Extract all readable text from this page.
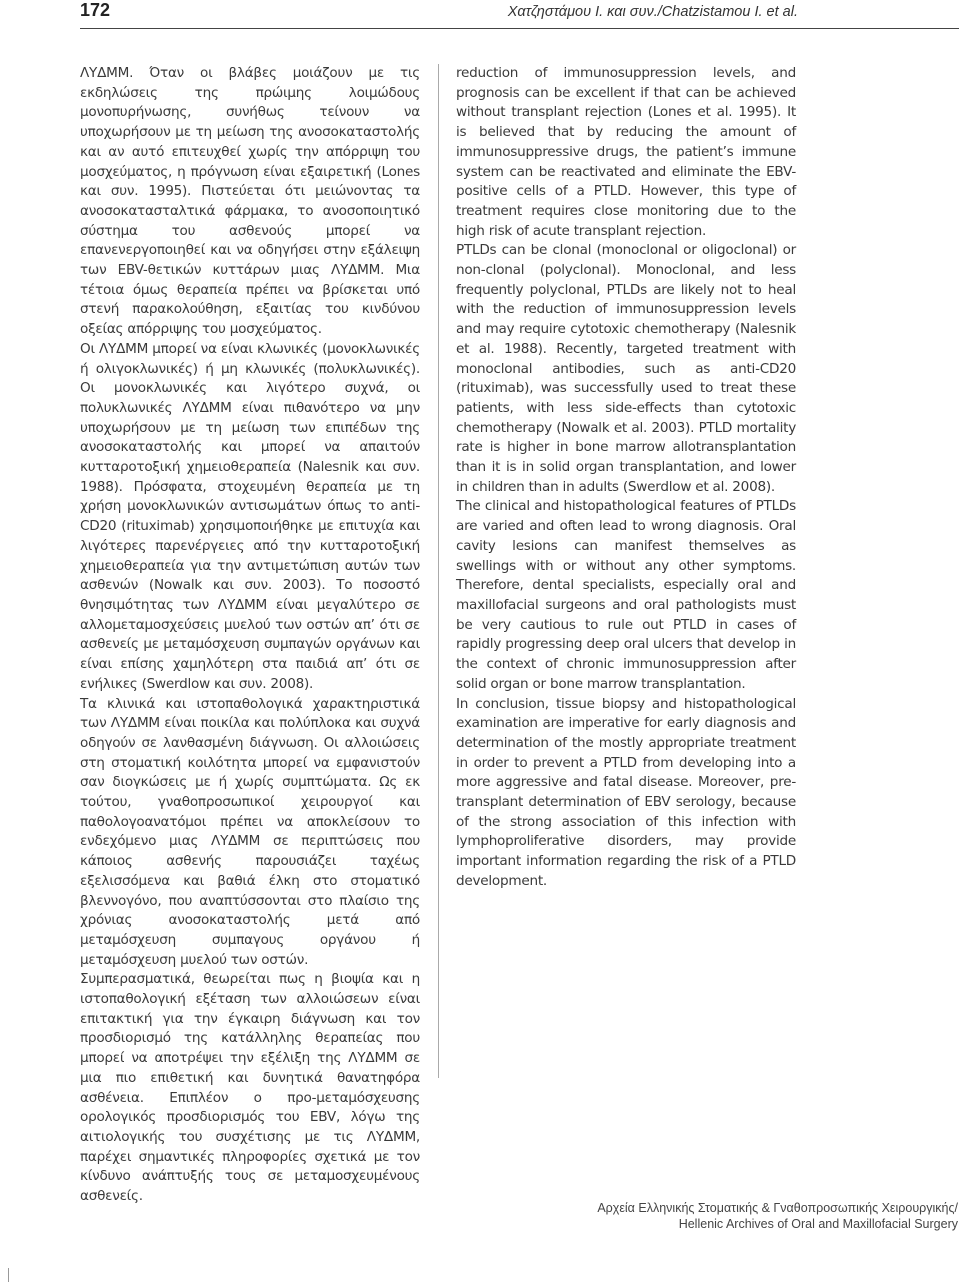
172	Χατζηστάμου Ι. και συν./Chatzistamou I. et al.

ΛΥΔΜΜ. Όταν οι βλάβες μοιάζουν με τις εκδηλώσεις της πρώιμης λοιμώδους μονοπυρήνωσης, συνήθως τείνουν να υποχωρήσουν με τη μείωση της ανοσοκαταστολής και αν αυτό επιτευχθεί χωρίς την απόρριψη του μοσχεύματος, η πρόγνωση είναι εξαιρετική (Lones και συν. 1995). Πιστεύεται ότι μειώνοντας τα ανοσοκατασταλτικά φάρμακα, το ανοσοποιητικό σύστημα του ασθενούς μπορεί να επανενεργοποιηθεί και να οδηγήσει στην εξάλειψη των EBV-θετικών κυττάρων μιας ΛΥΔΜΜ. Μια τέτοια όμως θεραπεία πρέπει να βρίσκεται υπό στενή παρακολούθηση, εξαιτίας του κινδύνου οξείας απόρριψης του μοσχεύματος.

Οι ΛΥΔΜΜ μπορεί να είναι κλωνικές (μονοκλωνικές ή ολιγοκλωνικές) ή μη κλωνικές (πολυκλωνικές). Οι μονοκλωνικές και λιγότερο συχνά, οι πολυκλωνικές ΛΥΔΜΜ είναι πιθανότερο να μην υποχωρήσουν με τη μείωση των επιπέδων της ανοσοκαταστολής και μπορεί να απαιτούν κυτταροτοξική χημειοθεραπεία (Nalesnik και συν. 1988). Πρόσφατα, στοχευμένη θεραπεία με τη χρήση μονοκλωνικών αντισωμάτων όπως το anti-CD20 (rituximab) χρησιμοποιήθηκε με επιτυχία και λιγότερες παρενέργειες από την κυτταροτοξική χημειοθεραπεία για την αντιμετώπιση αυτών των ασθενών (Nowalk και συν. 2003). Το ποσοστό θνησιμότητας των ΛΥΔΜΜ είναι μεγαλύτερο σε αλλομεταμοσχεύσεις μυελού των οστών απ’ ότι σε ασθενείς με μεταμόσχευση συμπαγών οργάνων και είναι επίσης χαμηλότερη στα παιδιά απ’ ότι σε ενήλικες (Swerdlow και συν. 2008).

Τα κλινικά και ιστοπαθολογικά χαρακτηριστικά των ΛΥΔΜΜ είναι ποικίλα και πολύπλοκα και συχνά οδηγούν σε λανθασμένη διάγνωση. Οι αλλοιώσεις στη στοματική κοιλότητα μπορεί να εμφανιστούν σαν διογκώσεις με ή χωρίς συμπτώματα. Ως εκ τούτου, γναθοπροσωπικοί χειρουργοί και παθολογοανατόμοι πρέπει να αποκλείσουν το ενδεχόμενο μιας ΛΥΔΜΜ σε περιπτώσεις που κάποιος ασθενής παρουσιάζει ταχέως εξελισσόμενα και βαθιά έλκη στο στοματικό βλεννογόνο, που αναπτύσσονται στο πλαίσιο της χρόνιας ανοσοκαταστολής μετά από μεταμόσχευση συμπαγους οργάνου ή μεταμόσχευση μυελού των οστών.

Συμπερασματικά, θεωρείται πως η βιοψία και η ιστοπαθολογική εξέταση των αλλοιώσεων είναι επιτακτική για την έγκαιρη διάγνωση και τον προσδιορισμό της κατάλληλης θεραπείας που μπορεί να αποτρέψει την εξέλιξη της ΛΥΔΜΜ σε μια πιο επιθετική και δυνητικά θανατηφόρα ασθένεια. Επιπλέον ο προ-μεταμόσχευσης ορολογικός προσδιορισμός του EBV, λόγω της αιτιολογικής του συσχέτισης με τις ΛΥΔΜΜ, παρέχει σημαντικές πληροφορίες σχετικά με τον κίνδυνο ανάπτυξής τους σε μεταμοσχευμένους ασθενείς.

reduction of immunosuppression levels, and prognosis can be excellent if that can be achieved without transplant rejection (Lones et al. 1995). It is believed that by reducing the amount of immunosuppressive drugs, the patient’s immune system can be reactivated and eliminate the EBV-positive cells of a PTLD. However, this type of treatment requires close monitoring due to the high risk of acute transplant rejection.

PTLDs can be clonal (monoclonal or oligoclonal) or non-clonal (polyclonal). Monoclonal, and less frequently polyclonal, PTLDs are likely not to heal with the reduction of immunosuppression levels and may require cytotoxic chemotherapy (Nalesnik et al. 1988). Recently, targeted treatment with monoclonal antibodies, such as anti-CD20 (rituximab), was successfully used to treat these patients, with less side-effects than cytotoxic chemotherapy (Nowalk et al. 2003). PTLD mortality rate is higher in bone marrow allotransplantation than it is in solid organ transplantation, and lower in children than in adults (Swerdlow et al. 2008).

The clinical and histopathological features of PTLDs are varied and often lead to wrong diagnosis. Oral cavity lesions can manifest themselves as swellings with or without any other symptoms. Therefore, dental specialists, especially oral and maxillofacial surgeons and oral pathologists must be very cautious to rule out PTLD in cases of rapidly progressing deep oral ulcers that develop in the context of chronic immunosuppression after solid organ or bone marrow transplantation.

In conclusion, tissue biopsy and histopathological examination are imperative for early diagnosis and determination of the mostly appropriate treatment in order to prevent a PTLD from developing into a more aggressive and fatal disease. Moreover, pre-transplant determination of EBV serology, because of the strong association of this infection with lymphoproliferative disorders, may provide important information regarding the risk of a PTLD development.

Αρχεία Ελληνικής Στοματικής & Γναθοπροσωπικής Χειρουργικής/
Hellenic Archives of Oral and Maxillofacial Surgery
